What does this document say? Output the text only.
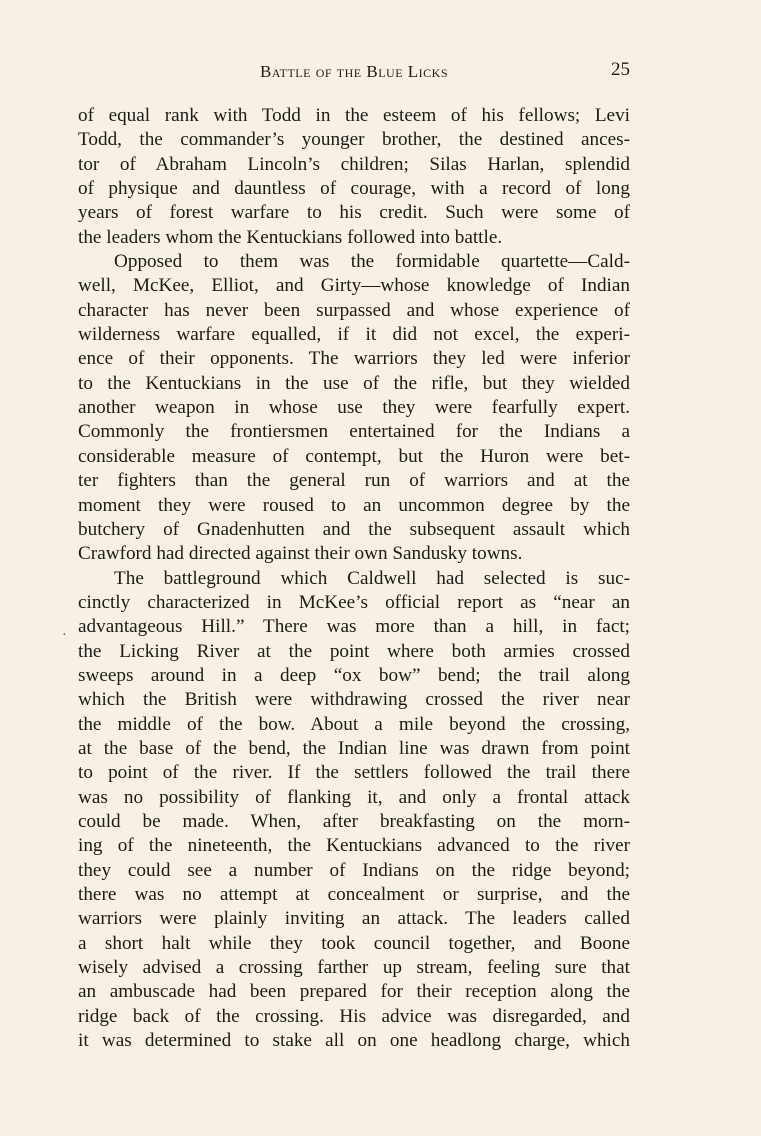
Battle of the Blue Licks	25
·
of equal rank with Todd in the esteem of his fellows; Levi
Todd, the commander’s younger brother, the destined ances-
tor of Abraham Lincoln’s children; Silas Harlan, splendid
of physique and dauntless of courage, with a record of long
years of forest warfare to his credit. Such were some of
the leaders whom the Kentuckians followed into battle.
Opposed to them was the formidable quartette—Cald-
well, McKee, Elliot, and Girty—whose knowledge of Indian
character has never been surpassed and whose experience of
wilderness warfare equalled, if it did not excel, the experi-
ence of their opponents. The warriors they led were inferior
to the Kentuckians in the use of the rifle, but they wielded
another weapon in whose use they were fearfully expert.
Commonly the frontiersmen entertained for the Indians a
considerable measure of contempt, but the Huron were bet-
ter fighters than the general run of warriors and at the
moment they were roused to an uncommon degree by the
butchery of Gnadenhutten and the subsequent assault which
Crawford had directed against their own Sandusky towns.
The battleground which Caldwell had selected is suc-
cinctly characterized in McKee’s official report as “near an
advantageous Hill.” There was more than a hill, in fact;
the Licking River at the point where both armies crossed
sweeps around in a deep “ox bow” bend; the trail along
which the British were withdrawing crossed the river near
the middle of the bow. About a mile beyond the crossing,
at the base of the bend, the Indian line was drawn from point
to point of the river. If the settlers followed the trail there
was no possibility of flanking it, and only a frontal attack
could be made. When, after breakfasting on the morn-
ing of the nineteenth, the Kentuckians advanced to the river
they could see a number of Indians on the ridge beyond;
there was no attempt at concealment or surprise, and the
warriors were plainly inviting an attack. The leaders called
a short halt while they took council together, and Boone
wisely advised a crossing farther up stream, feeling sure that
an ambuscade had been prepared for their reception along the
ridge back of the crossing. His advice was disregarded, and
it was determined to stake all on one headlong charge, which
